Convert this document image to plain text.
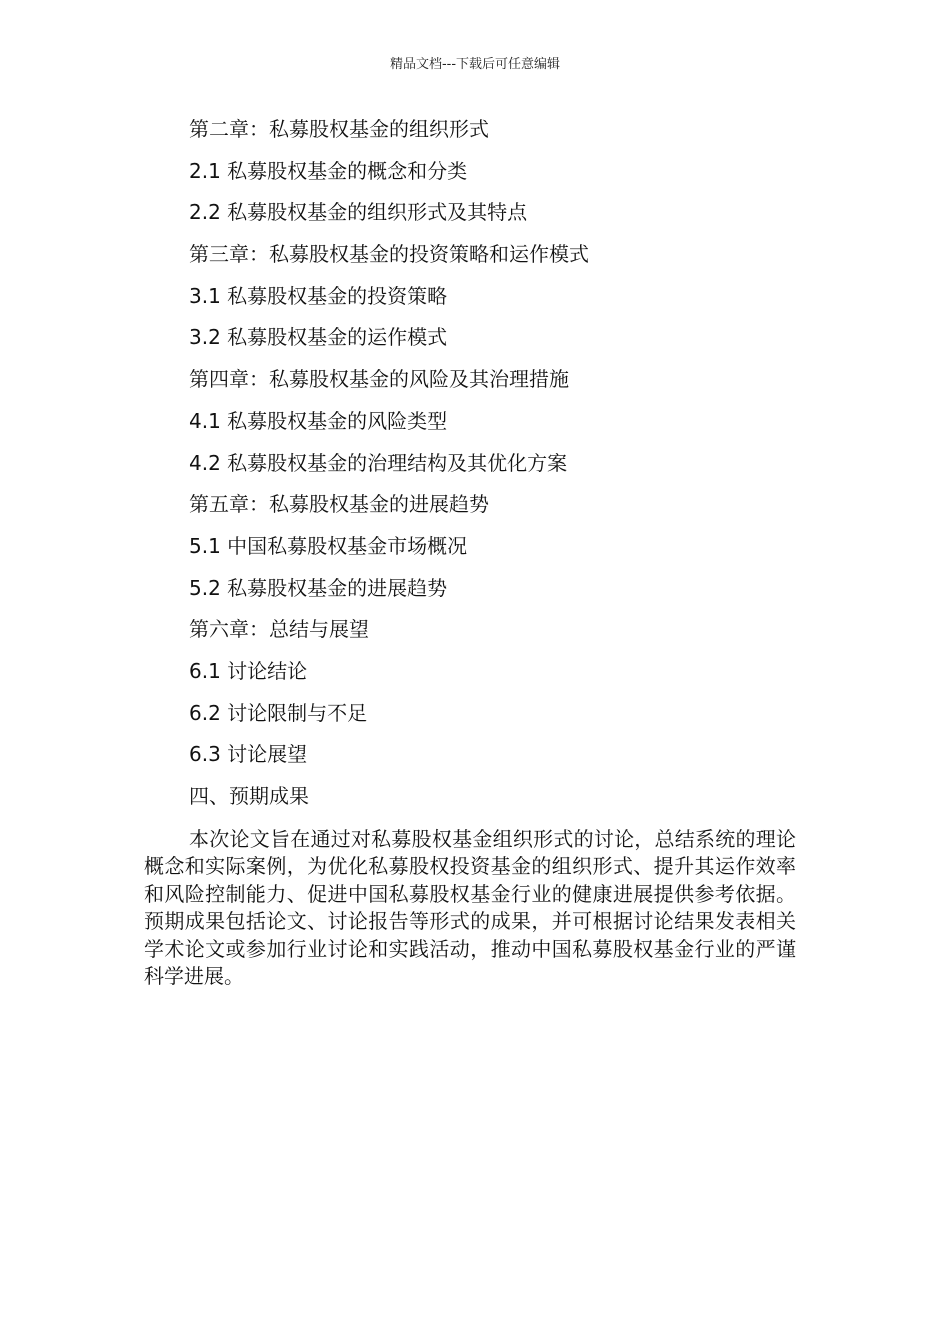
精品文档---下载后可任意编辑
第二章：私募股权基金的组织形式
2.1 私募股权基金的概念和分类
2.2 私募股权基金的组织形式及其特点
第三章：私募股权基金的投资策略和运作模式
3.1 私募股权基金的投资策略
3.2 私募股权基金的运作模式
第四章：私募股权基金的风险及其治理措施
4.1 私募股权基金的风险类型
4.2 私募股权基金的治理结构及其优化方案
第五章：私募股权基金的进展趋势
5.1 中国私募股权基金市场概况
5.2 私募股权基金的进展趋势
第六章：总结与展望
6.1 讨论结论
6.2 讨论限制与不足
6.3 讨论展望
四、预期成果

本次论文旨在通过对私募股权基金组织形式的讨论，总结系统的理论概念和实际案例，为优化私募股权投资基金的组织形式、提升其运作效率和风险控制能力、促进中国私募股权基金行业的健康进展提供参考依据。预期成果包括论文、讨论报告等形式的成果，并可根据讨论结果发表相关学术论文或参加行业讨论和实践活动，推动中国私募股权基金行业的严谨科学进展。
